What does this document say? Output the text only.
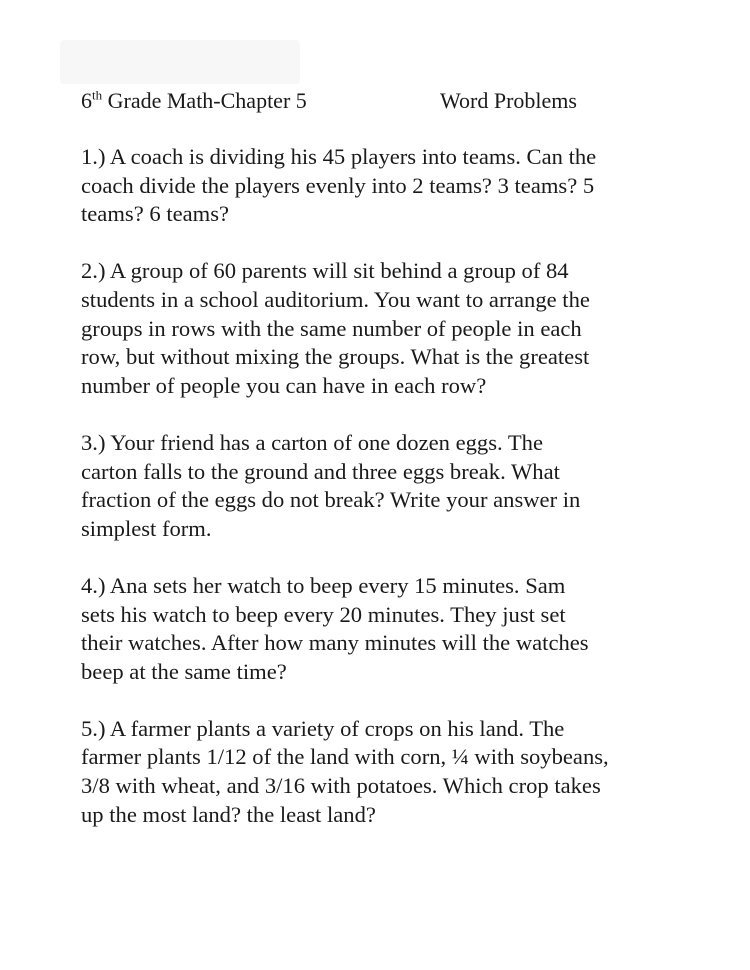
6th Grade Math-Chapter 5	Word Problems

1.) A coach is dividing his 45 players into teams. Can the
coach divide the players evenly into 2 teams? 3 teams? 5
teams? 6 teams?

2.) A group of 60 parents will sit behind a group of 84
students in a school auditorium. You want to arrange the
groups in rows with the same number of people in each
row, but without mixing the groups. What is the greatest
number of people you can have in each row?

3.) Your friend has a carton of one dozen eggs. The
carton falls to the ground and three eggs break. What
fraction of the eggs do not break? Write your answer in
simplest form.

4.) Ana sets her watch to beep every 15 minutes. Sam
sets his watch to beep every 20 minutes. They just set
their watches. After how many minutes will the watches
beep at the same time?

5.) A farmer plants a variety of crops on his land. The
farmer plants 1/12 of the land with corn, ¼ with soybeans,
3/8 with wheat, and 3/16 with potatoes. Which crop takes
up the most land? the least land?
